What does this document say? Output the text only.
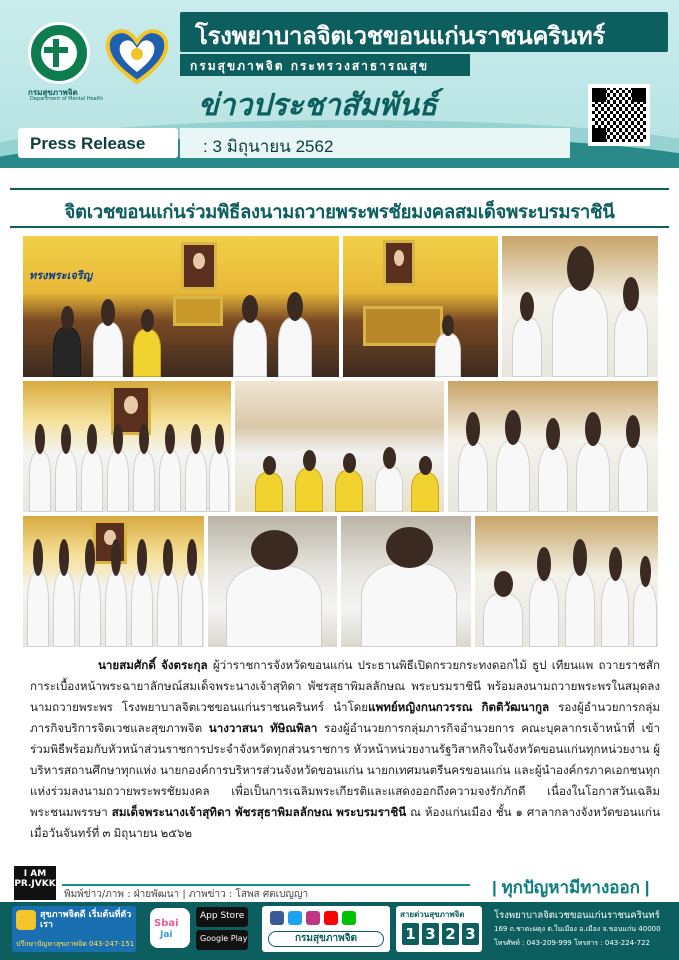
โรงพยาบาลจิตเวชขอนแก่นราชนครินทร์
กรมสุขภาพจิต กระทรวงสาธารณสุข
ข่าวประชาสัมพันธ์
กรมสุขภาพจิต
Department of Mental Health
Press Release	: 3 มิถุนายน 2562
จิตเวชขอนแก่นร่วมพิธีลงนามถวายพระพรชัยมงคลสมเด็จพระบรมราชินี
ทรงพระเจริญ

นายสมศักดิ์ จังตระกุล ผู้ว่าราชการจังหวัดขอนแก่น ประธานพิธีเปิดกรวยกระทงดอกไม้ ธูป เทียนแพ ถวายราชสักการะเบื้องหน้าพระฉายาลักษณ์สมเด็จพระนางเจ้าสุทิดา พัชรสุธาพิมลลักษณ พระบรมราชินี พร้อมลงนามถวายพระพรในสมุดลงนามถวายพระพร โรงพยาบาลจิตเวชขอนแก่นราชนครินทร์ นำโดยแพทย์หญิงกนกวรรณ กิตติวัฒนากูล รองผู้อำนวยการกลุ่มภารกิจบริการจิตเวชและสุขภาพจิต นางวาสนา ทัษิณพิลา รองผู้อำนวยการกลุ่มภารกิจอำนวยการ คณะบุคลากรเจ้าหน้าที่ เข้าร่วมพิธีพร้อมกับหัวหน้าส่วนราชการประจำจังหวัดทุกส่วนราชการ หัวหน้าหน่วยงานรัฐวิสาหกิจในจังหวัดขอนแก่นทุกหน่วยงาน ผู้บริหารสถานศึกษาทุกแห่ง นายกองค์การบริหารส่วนจังหวัดขอนแก่น นายกเทศมนตรีนครขอนแก่น และผู้นำองค์กรภาคเอกชนทุกแห่งร่วมลงนามถวายพระพรชัยมงคล เพื่อเป็นการเฉลิมพระเกียรติและแสดงออกถึงความจงรักภักดี เนื่องในโอกาสวันเฉลิมพระชนมพรรษา สมเด็จพระนางเจ้าสุทิดา พัชรสุธาพิมลลักษณ พระบรมราชินี ณ ห้องแก่นเมือง ชั้น ๑ ศาลากลางจังหวัดขอนแก่น เมื่อวันจันทร์ที่ ๓ มิถุนายน ๒๕๖๒

I AM PR.JVKK
พิมพ์ข่าว/ภาพ : ฝ่ายพัฒนา | ภาพข่าว : โสพส ศตเบญญา	| ทุกปัญหามีทางออก |
สุขภาพจิตดี เริ่มต้นที่ตัวเรา
ปรึกษาปัญหาสุขภาพจิต 043-247-151
Sbai
Jai
App Store
Google Play	กรมสุขภาพจิต
สายด่วนสุขภาพจิต
1 3 2 3
โรงพยาบาลจิตเวชขอนแก่นราชนครินทร์
169 ถ.ชาตะผดุง ต.ในเมือง อ.เมือง จ.ขอนแก่น 40000
โทรศัพท์ : 043-209-999 โทรสาร : 043-224-722
